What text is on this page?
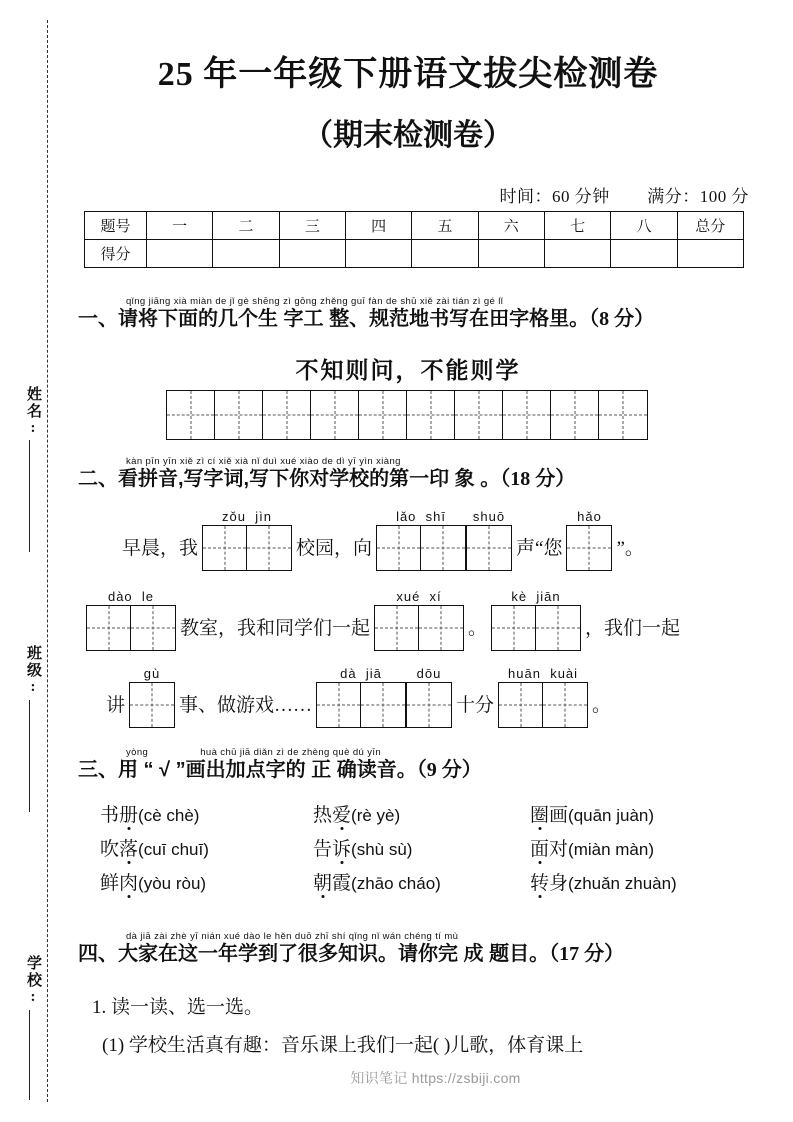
姓名:
班级:
学校:
25 年一年级下册语文拔尖检测卷
（期末检测卷）
时间：60 分钟 满分：100 分
题号	一	二	三	四	五	六	七	八	总分
得分									
qǐng jiāng xià miàn de jǐ gè shēng zì gōng zhěng guī fàn de shū xiě zài tián zì gé lǐ
一、请将下面的几个生 字工 整、规范地书写在田字格里。（8 分）
不知则问，不能则学
kàn pīn yīn xiě zì cí xiě xià nǐ duì xué xiào de dì yī yìn xiàng
二、看拼音,写字词,写下你对学校的第一印 象 。（18 分）
早晨，我
zǒu  jìn
校园，向
lǎo  shī shuō
声“您
hǎo
”。
dào  le
教室，我和同学们一起
xué  xí
。
kè  jiān
，我们一起
讲
gù
事、做游戏……
dà  jiā	dōu
十分
huān  kuài
。
yòng	huà chū jiā diǎn zì de zhèng què dú yīn
三、用 “ √ ”画出加点字的 正 确读音。（9 分）
书册(cè chè)	热爱(rè yè)	圈画(quān juàn)
吹落(cuī chuī)	告诉(shù sù)	面对(miàn màn)
鲜肉(yòu ròu)	朝霞(zhāo cháo)	转身(zhuǎn zhuàn)
dà jiā zài zhè yī nián xué dào le hěn duō zhī shí qǐng nǐ wán chéng tí mù
四、大家在这一年学到了很多知识。请你完 成 题目。（17 分）
1. 读一读、选一选。
(1) 学校生活真有趣：音乐课上我们一起( )儿歌，体育课上
知识笔记 https://zsbiji.com
